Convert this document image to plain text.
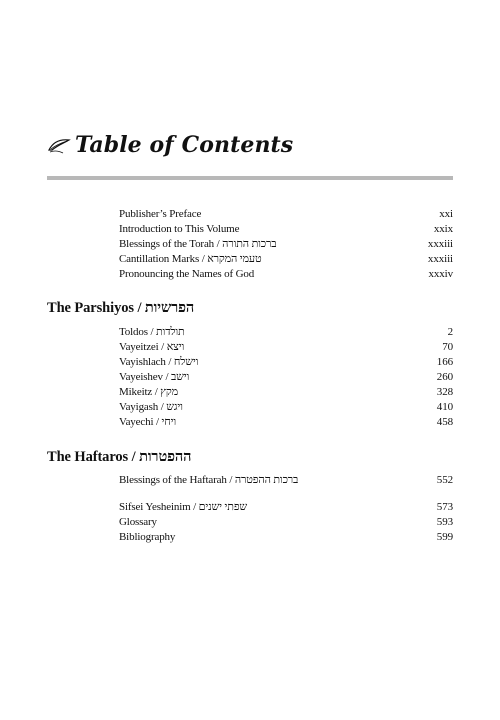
Table of Contents
Publisher’s Preface	xxi
Introduction to This Volume	xxix
Blessings of the Torah / ברכות התורה	xxxiii
Cantillation Marks / טעמי המקרא	xxxiii
Pronouncing the Names of God	xxxiv
The Parshiyos / הפרשיות
Toldos / תולדות	2
Vayeitzei / ויצא	70
Vayishlach / וישלח	166
Vayeishev / וישב	260
Mikeitz / מקץ	328
Vayigash / ויגש	410
Vayechi / ויחי	458
The Haftaros / ההפטרות
Blessings of the Haftarah / ברכות ההפטרה	552
Sifsei Yesheinim / שפתי ישנים	573
Glossary	593
Bibliography	599
